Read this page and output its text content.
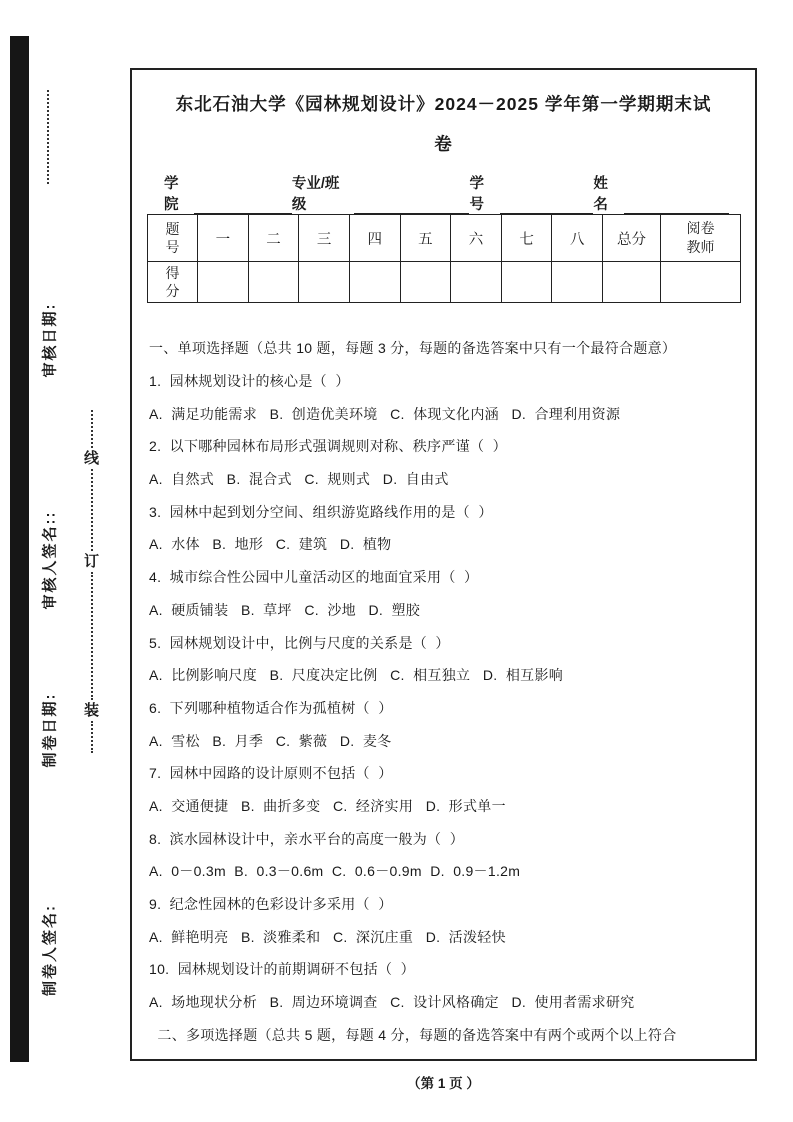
审核日期:
审核人签名::
制卷日期:
制卷人签名:
线
订
装
东北石油大学《园林规划设计》2024－2025 学年第一学期期末试
卷
学院
专业/班级
学号
姓名
题号	一	二	三	四	五	六	七	八	总分	阅卷教师
得分										
一、单项选择题（总共 10 题，每题 3 分，每题的备选答案中只有一个最符合题意）
1.  园林规划设计的核心是（  ）
A.  满足功能需求   B.  创造优美环境   C.  体现文化内涵   D.  合理利用资源
2.  以下哪种园林布局形式强调规则对称、秩序严谨（  ）
A.  自然式   B.  混合式   C.  规则式   D.  自由式
3.  园林中起到划分空间、组织游览路线作用的是（  ）
A.  水体   B.  地形   C.  建筑   D.  植物
4.  城市综合性公园中儿童活动区的地面宜采用（  ）
A.  硬质铺装   B.  草坪   C.  沙地   D.  塑胶
5.  园林规划设计中，比例与尺度的关系是（  ）
A.  比例影响尺度   B.  尺度决定比例   C.  相互独立   D.  相互影响
6.  下列哪种植物适合作为孤植树（  ）
A.  雪松   B.  月季   C.  紫薇   D.  麦冬
7.  园林中园路的设计原则不包括（  ）
A.  交通便捷   B.  曲折多变   C.  经济实用   D.  形式单一
8.  滨水园林设计中，亲水平台的高度一般为（  ）
A.  0－0.3m  B.  0.3－0.6m  C.  0.6－0.9m  D.  0.9－1.2m
9.  纪念性园林的色彩设计多采用（  ）
A.  鲜艳明亮   B.  淡雅柔和   C.  深沉庄重   D.  活泼轻快
10.  园林规划设计的前期调研不包括（  ）
A.  场地现状分析   B.  周边环境调查   C.  设计风格确定   D.  使用者需求研究
二、多项选择题（总共 5 题，每题 4 分，每题的备选答案中有两个或两个以上符合
（第 1 页 ）
